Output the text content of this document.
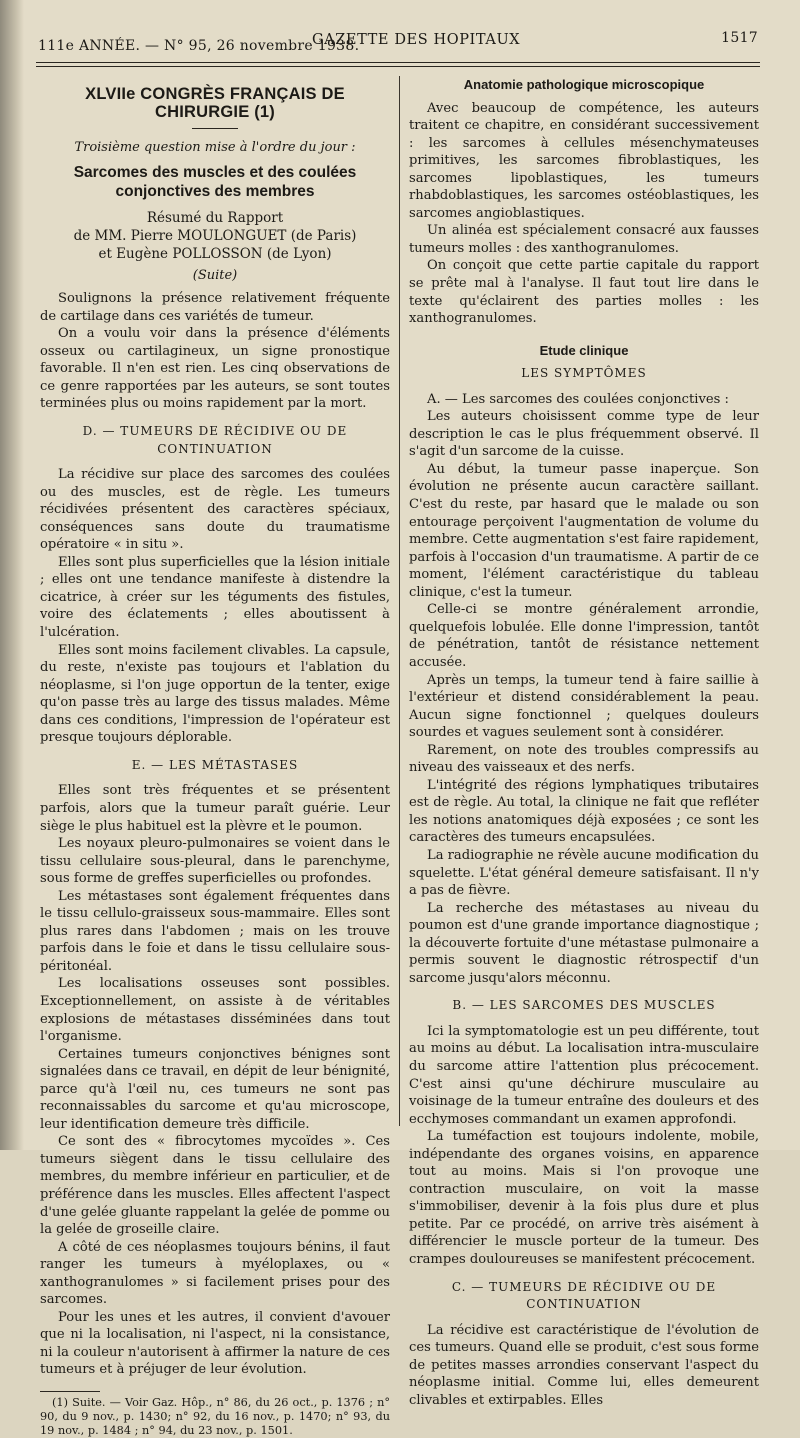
111e ANNÉE. — N° 95, 26 novembre 1938.
GAZETTE DES HOPITAUX	1517
XLVIIe CONGRÈS FRANÇAIS DE CHIRURGIE (1)
Troisième question mise à l'ordre du jour :
Sarcomes des muscles et des coulées conjonctives des membres
Résumé du Rapport
de MM. Pierre MOULONGUET (de Paris)
et Eugène POLLOSSON (de Lyon)
(Suite)

Soulignons la présence relativement fréquente de cartilage dans ces variétés de tumeur.

On a voulu voir dans la présence d'éléments osseux ou cartilagineux, un signe pronostique favorable. Il n'en est rien. Les cinq observations de ce genre rapportées par les auteurs, se sont toutes terminées plus ou moins rapidement par la mort.

D. — TUMEURS DE RÉCIDIVE OU DE CONTINUATION

La récidive sur place des sarcomes des coulées ou des muscles, est de règle. Les tumeurs récidivées présentent des caractères spéciaux, conséquences sans doute du traumatisme opératoire « in situ ».

Elles sont plus superficielles que la lésion initiale ; elles ont une tendance manifeste à distendre la cicatrice, à créer sur les téguments des fistules, voire des éclatements ; elles aboutissent à l'ulcération.

Elles sont moins facilement clivables. La capsule, du reste, n'existe pas toujours et l'ablation du néoplasme, si l'on juge opportun de la tenter, exige qu'on passe très au large des tissus malades. Même dans ces conditions, l'impression de l'opérateur est presque toujours déplorable.

E. — LES MÉTASTASES

Elles sont très fréquentes et se présentent parfois, alors que la tumeur paraît guérie. Leur siège le plus habituel est la plèvre et le poumon.

Les noyaux pleuro-pulmonaires se voient dans le tissu cellulaire sous-pleural, dans le parenchyme, sous forme de greffes superficielles ou profondes.

Les métastases sont également fréquentes dans le tissu cellulo-graisseux sous-mammaire. Elles sont plus rares dans l'abdomen ; mais on les trouve parfois dans le foie et dans le tissu cellulaire sous-péritonéal.

Les localisations osseuses sont possibles. Exceptionnellement, on assiste à de véritables explosions de métastases disséminées dans tout l'organisme.

Certaines tumeurs conjonctives bénignes sont signalées dans ce travail, en dépit de leur bénignité, parce qu'à l'œil nu, ces tumeurs ne sont pas reconnaissables du sarcome et qu'au microscope, leur identification demeure très difficile.

Ce sont des « fibrocytomes mycoïdes ». Ces tumeurs siègent dans le tissu cellulaire des membres, du membre inférieur en particulier, et de préférence dans les muscles. Elles affectent l'aspect d'une gelée gluante rappelant la gelée de pomme ou la gelée de groseille claire.

A côté de ces néoplasmes toujours bénins, il faut ranger les tumeurs à myéloplaxes, ou « xanthogranulomes » si facilement prises pour des sarcomes.

Pour les unes et les autres, il convient d'avouer que ni la localisation, ni l'aspect, ni la consistance, ni la couleur n'autorisent à affirmer la nature de ces tumeurs et à préjuger de leur évolution.

(1) Suite. — Voir Gaz. Hôp., n° 86, du 26 oct., p. 1376 ; n° 90, du 9 nov., p. 1430; n° 92, du 16 nov., p. 1470; n° 93, du 19 nov., p. 1484 ; n° 94, du 23 nov., p. 1501.

Anatomie pathologique microscopique

Avec beaucoup de compétence, les auteurs traitent ce chapitre, en considérant successivement : les sarcomes à cellules mésenchymateuses primitives, les sarcomes fibroblastiques, les sarcomes lipoblastiques, les tumeurs rhabdoblastiques, les sarcomes ostéoblastiques, les sarcomes angioblastiques.

Un alinéa est spécialement consacré aux fausses tumeurs molles : des xanthogranulomes.

On conçoit que cette partie capitale du rapport se prête mal à l'analyse. Il faut tout lire dans le texte qu'éclairent des parties molles : les xanthogranulomes.

Etude clinique
LES SYMPTÔMES

A. — Les sarcomes des coulées conjonctives :

Les auteurs choisissent comme type de leur description le cas le plus fréquemment observé. Il s'agit d'un sarcome de la cuisse.

Au début, la tumeur passe inaperçue. Son évolution ne présente aucun caractère saillant. C'est du reste, par hasard que le malade ou son entourage perçoivent l'augmentation de volume du membre. Cette augmentation s'est faire rapidement, parfois à l'occasion d'un traumatisme. A partir de ce moment, l'élément caractéristique du tableau clinique, c'est la tumeur.

Celle-ci se montre généralement arrondie, quelquefois lobulée. Elle donne l'impression, tantôt de pénétration, tantôt de résistance nettement accusée.

Après un temps, la tumeur tend à faire saillie à l'extérieur et distend considérablement la peau. Aucun signe fonctionnel ; quelques douleurs sourdes et vagues seulement sont à considérer.

Rarement, on note des troubles compressifs au niveau des vaisseaux et des nerfs.

L'intégrité des régions lymphatiques tributaires est de règle. Au total, la clinique ne fait que refléter les notions anatomiques déjà exposées ; ce sont les caractères des tumeurs encapsulées.

La radiographie ne révèle aucune modification du squelette. L'état général demeure satisfaisant. Il n'y a pas de fièvre.

La recherche des métastases au niveau du poumon est d'une grande importance diagnostique ; la découverte fortuite d'une métastase pulmonaire a permis souvent le diagnostic rétrospectif d'un sarcome jusqu'alors méconnu.

B. — LES SARCOMES DES MUSCLES

Ici la symptomatologie est un peu différente, tout au moins au début. La localisation intra-musculaire du sarcome attire l'attention plus précocement. C'est ainsi qu'une déchirure musculaire au voisinage de la tumeur entraîne des douleurs et des ecchymoses commandant un examen approfondi.

La tuméfaction est toujours indolente, mobile, indépendante des organes voisins, en apparence tout au moins. Mais si l'on provoque une contraction musculaire, on voit la masse s'immobiliser, devenir à la fois plus dure et plus petite. Par ce procédé, on arrive très aisément à différencier le muscle porteur de la tumeur. Des crampes douloureuses se manifestent précocement.

C. — TUMEURS DE RÉCIDIVE OU DE CONTINUATION

La récidive est caractéristique de l'évolution de ces tumeurs. Quand elle se produit, c'est sous forme de petites masses arrondies conservant l'aspect du néoplasme initial. Comme lui, elles demeurent clivables et extirpables. Elles
